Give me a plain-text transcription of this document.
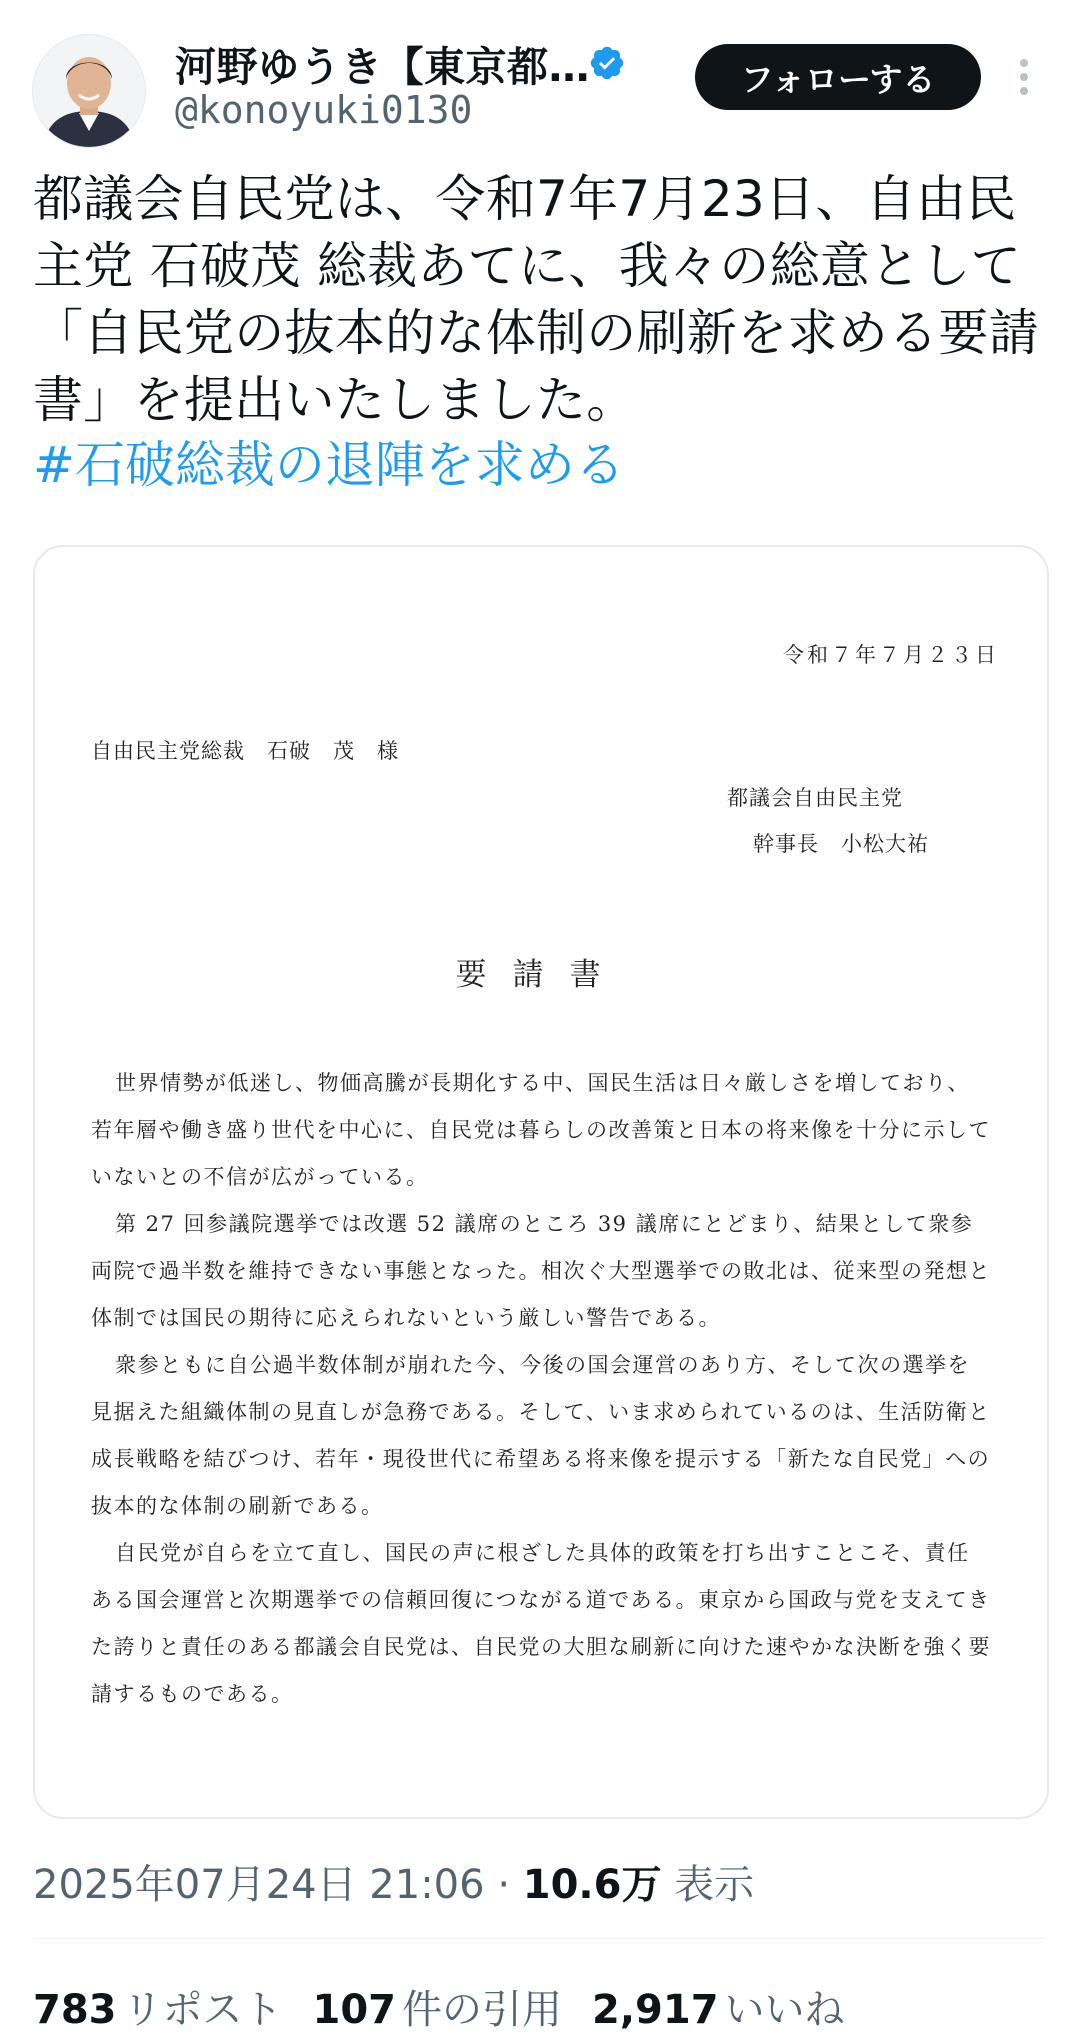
河野ゆうき【東京都…
@konoyuki0130
フォローする
都議会自民党は、令和7年7月23日、自由民
主党 石破茂 総裁あてに、我々の総意として
「自民党の抜本的な体制の刷新を求める要請
書」を提出いたしました。
#石破総裁の退陣を求める
令和７年７月２３日
自由民主党総裁　石破　茂　様
都議会自由民主党
幹事長　小松大祐
要請書

世界情勢が低迷し、物価高騰が長期化する中、国民生活は日々厳しさを増しており、若年層や働き盛り世代を中心に、自民党は暮らしの改善策と日本の将来像を十分に示していないとの不信が広がっている。

第 27 回参議院選挙では改選 52 議席のところ 39 議席にとどまり、結果として衆参両院で過半数を維持できない事態となった。相次ぐ大型選挙での敗北は、従来型の発想と体制では国民の期待に応えられないという厳しい警告である。

衆参ともに自公過半数体制が崩れた今、今後の国会運営のあり方、そして次の選挙を見据えた組織体制の見直しが急務である。そして、いま求められているのは、生活防衛と成長戦略を結びつけ、若年・現役世代に希望ある将来像を提示する「新たな自民党」への抜本的な体制の刷新である。

自民党が自らを立て直し、国民の声に根ざした具体的政策を打ち出すことこそ、責任ある国会運営と次期選挙での信頼回復につながる道である。東京から国政与党を支えてきた誇りと責任のある都議会自民党は、自民党の大胆な刷新に向けた速やかな決断を強く要請するものである。

2025年07月24日 21:06 · 10.6万 表示
783 リポスト 107 件の引用 2,917 いいね
